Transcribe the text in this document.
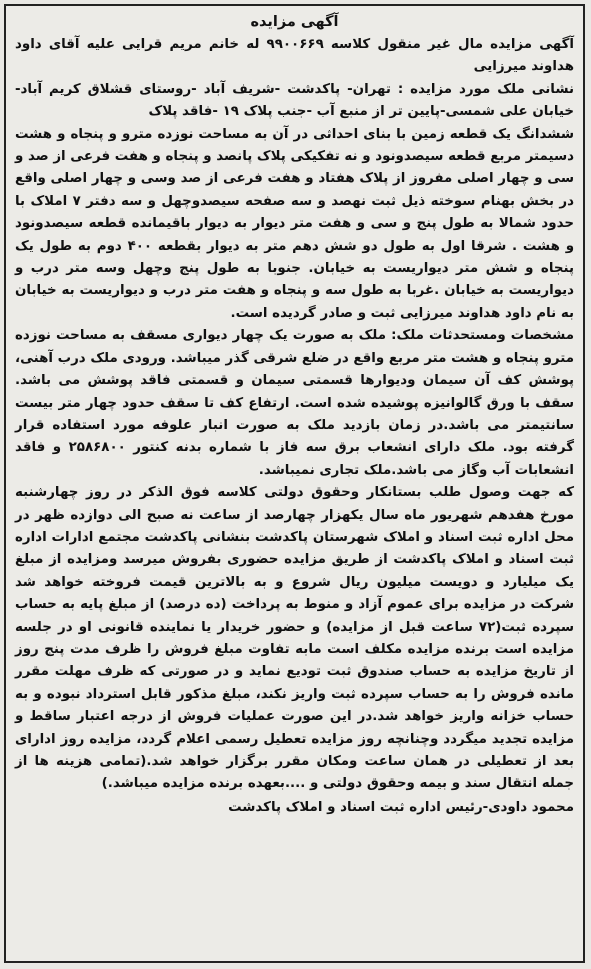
آگهی مزایده

آگهی مزایده مال غیر منقول کلاسه ۹۹۰۰۶۶۹ له خانم مریم قرایی علیه آقای داود هداوند میرزایی

نشانی ملک مورد مزایده : تهران- پاکدشت -شریف آباد -روستای قشلاق کریم آباد- خیابان علی شمسی-پایین تر از منبع آب -جنب پلاک ۱۹ -فاقد پلاک

ششدانگ یک قطعه زمین با بنای احداثی در آن به مساحت نوزده مترو و پنجاه و هشت دسیمتر مربع قطعه سیصدونود و نه تفکیکی پلاک پانصد و پنجاه و هفت فرعی از صد و سی و چهار اصلی مفروز از پلاک هفتاد و هفت فرعی از صد وسی و چهار اصلی واقع در بخش بهنام سوخته ذیل ثبت نهصد و سه صفحه سیصدوچهل و سه دفتر ۷ املاک با حدود شمالا به طول پنج و سی و هفت متر دیوار به دیوار باقیمانده قطعه سیصدونود و هشت . شرقا اول به طول دو شش دهم متر به دیوار بقطعه ۴۰۰ دوم به طول یک پنجاه و شش متر دیواریست به خیابان. جنوبا به طول پنج وچهل وسه متر درب و دیواریست به خیابان .غربا به طول سه و پنجاه و هفت متر درب و دیواریست به خیابان به نام داود هداوند میرزایی ثبت و صادر گردیده است.

مشخصات ومستحدثات ملک: ملک به صورت یک چهار دیواری مسقف به مساحت نوزده مترو پنجاه و هشت متر مربع واقع در ضلع شرقی گذر میباشد. ورودی ملک درب آهنی، پوشش کف آن سیمان ودیوارها قسمتی سیمان و قسمتی فاقد پوشش می باشد. سقف با ورق گالوانیزه پوشیده شده است. ارتفاع کف تا سقف حدود چهار متر بیست سانتیمتر می باشد.در زمان بازدید ملک به صورت انبار علوفه مورد استفاده قرار گرفته بود. ملک دارای انشعاب برق سه فاز با شماره بدنه کنتور ۲۵۸۶۸۰۰ و فاقد انشعابات آب وگاز می باشد.ملک تجاری نمیباشد.

که جهت وصول طلب بستانکار وحقوق دولتی کلاسه فوق الذکر در روز چهارشنبه مورخ هفدهم شهریور ماه سال یکهزار چهارصد از ساعت نه صبح الی دوازده ظهر در محل اداره ثبت اسناد و املاک شهرستان پاکدشت بنشانی پاکدشت مجتمع ادارات اداره ثبت اسناد و املاک پاکدشت از طریق مزایده حضوری بفروش میرسد ومزایده از مبلغ یک میلیارد و دویست میلیون ریال شروع و به بالاترین قیمت فروخته خواهد شد شرکت در مزایده برای عموم آزاد و منوط به پرداخت (ده درصد) از مبلغ پایه به حساب سپرده ثبت(۷۲ ساعت قبل از مزایده) و حضور خریدار یا نماینده قانونی او در جلسه مزایده است برنده مزایده مکلف است مابه تفاوت مبلغ فروش را ظرف مدت پنج روز از تاریخ مزایده به حساب صندوق ثبت تودیع نماید و در صورتی که ظرف مهلت مقرر مانده فروش را به حساب سپرده ثبت واریز نکند، مبلغ مذکور قابل استرداد نبوده و به حساب خزانه واریز خواهد شد.در این صورت عملیات فروش از درجه اعتبار ساقط و مزایده تجدید میگردد وچنانچه روز مزایده تعطیل رسمی اعلام گردد، مزایده روز ادارای بعد از تعطیلی در همان ساعت ومکان مقرر برگزار خواهد شد.(تمامی هزینه ها از جمله انتقال سند و بیمه وحقوق دولتی و ....بعهده برنده مزایده میباشد.)

محمود داودی-رئیس اداره ثبت اسناد و املاک پاکدشت
